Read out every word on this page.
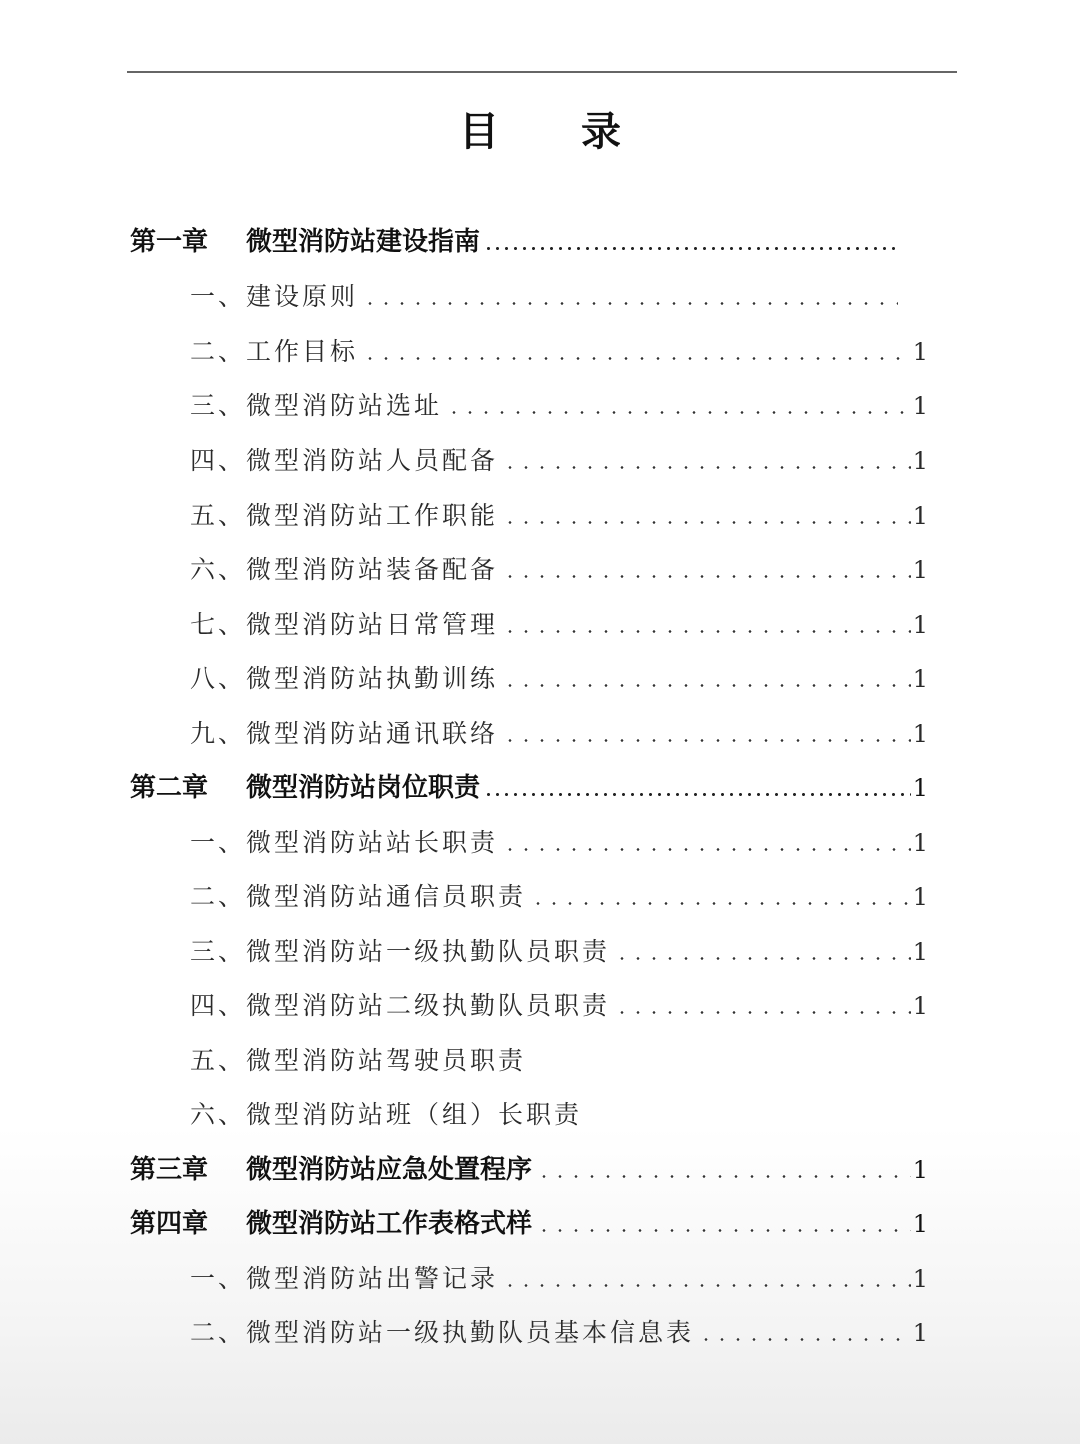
目 录
第一章 微型消防站建设指南
一、建设原则
二、工作目标	1
三、微型消防站选址	1
四、微型消防站人员配备	1
五、微型消防站工作职能	1
六、微型消防站装备配备	1
七、微型消防站日常管理	1
八、微型消防站执勤训练	1
九、微型消防站通讯联络	1
第二章 微型消防站岗位职责	1
一、微型消防站站长职责	1
二、微型消防站通信员职责	1
三、微型消防站一级执勤队员职责	1
四、微型消防站二级执勤队员职责	1
五、微型消防站驾驶员职责
六、微型消防站班（组）长职责
第三章 微型消防站应急处置程序	1
第四章 微型消防站工作表格式样	1
一、微型消防站出警记录	1
二、微型消防站一级执勤队员基本信息表	1
